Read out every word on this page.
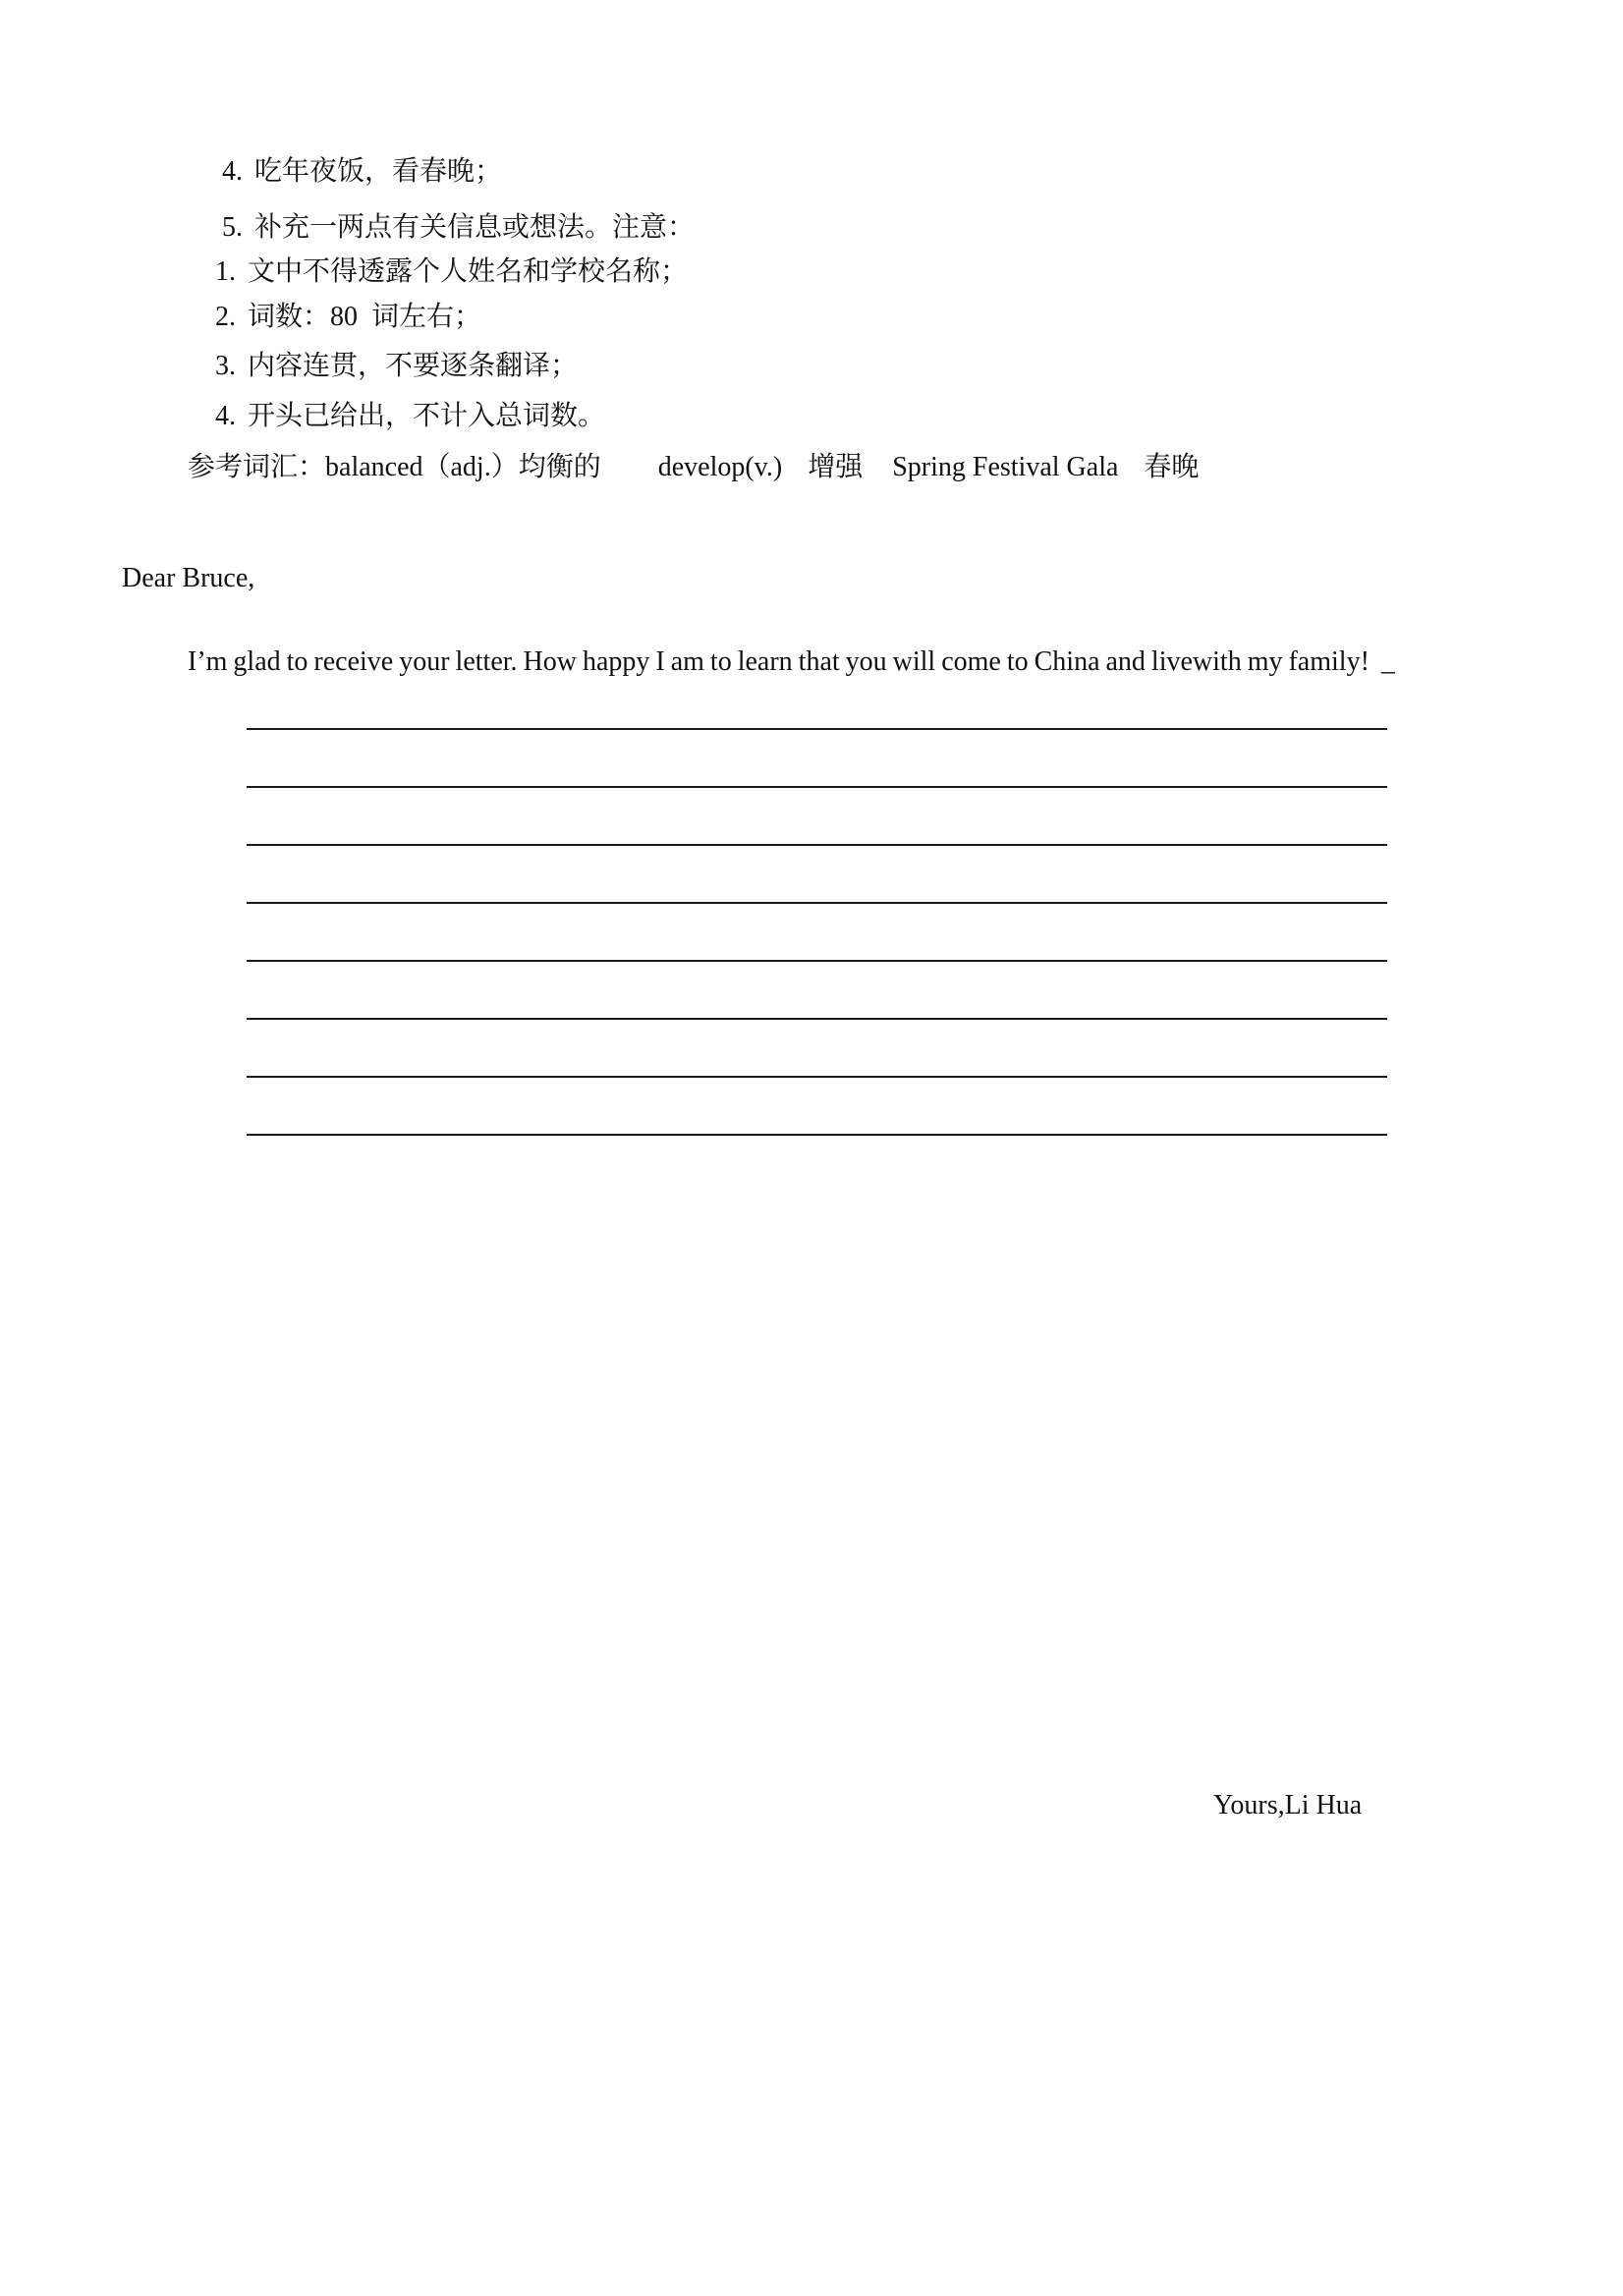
4. 吃年夜饭，看春晚；
5. 补充一两点有关信息或想法。注意：
1. 文中不得透露个人姓名和学校名称；
2. 词数：80  词左右；
3. 内容连贯，不要逐条翻译；
4. 开头已给出，不计入总词数。
参考词汇：balanced（adj.）均衡的 develop(v.) 增强 Spring Festival Gala 春晚
Dear Bruce,
I’m glad to receive your letter. How happy I am to learn that you will come to China and livewith my family!  _
Yours,Li Hua
